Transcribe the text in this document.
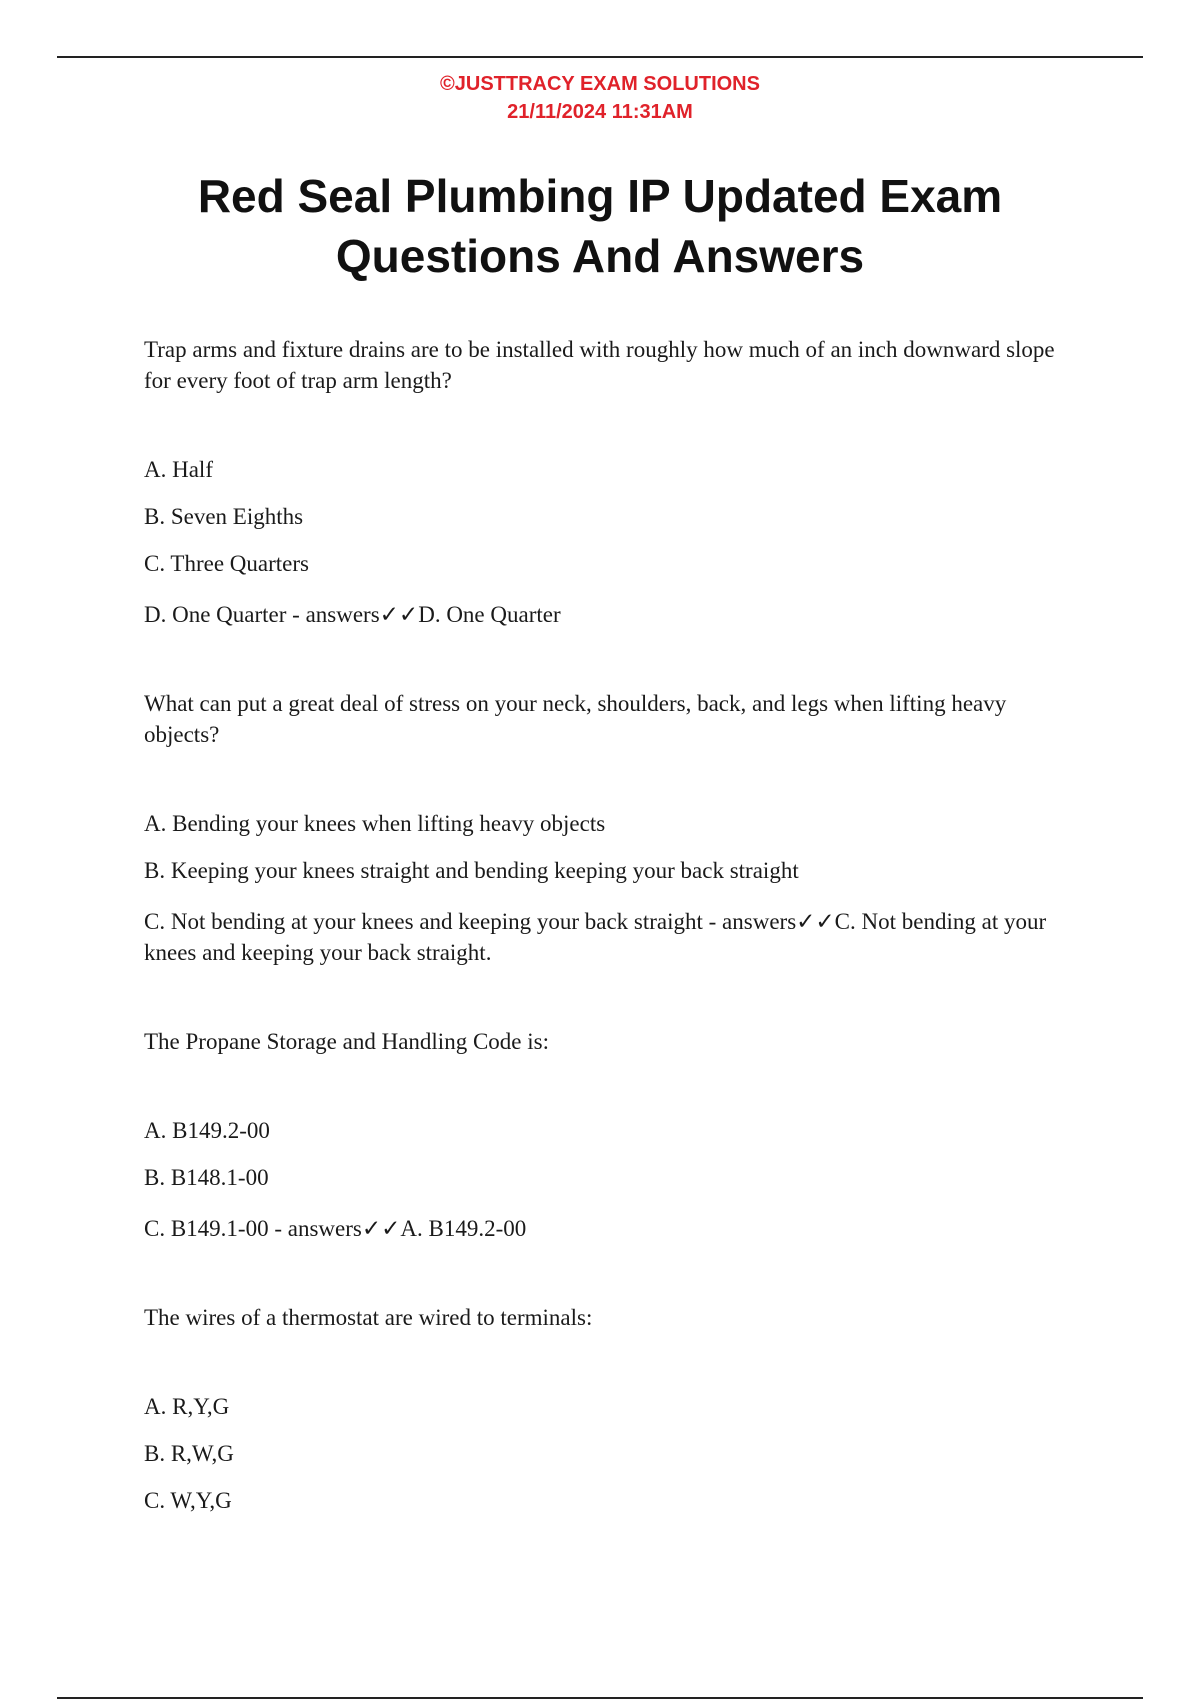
©JUSTTRACY EXAM SOLUTIONS
21/11/2024 11:31AM
Red Seal Plumbing IP Updated Exam
Questions And Answers

Trap arms and fixture drains are to be installed with roughly how much of an inch downward slope for every foot of trap arm length?

A. Half
B. Seven Eighths
C. Three Quarters
D. One Quarter - answers✓✓D. One Quarter

What can put a great deal of stress on your neck, shoulders, back, and legs when lifting heavy objects?

A. Bending your knees when lifting heavy objects
B. Keeping your knees straight and bending keeping your back straight
C. Not bending at your knees and keeping your back straight - answers✓✓C. Not bending at your knees and keeping your back straight.

The Propane Storage and Handling Code is:

A. B149.2-00
B. B148.1-00
C. B149.1-00 - answers✓✓A. B149.2-00

The wires of a thermostat are wired to terminals:

A. R,Y,G
B. R,W,G
C. W,Y,G
